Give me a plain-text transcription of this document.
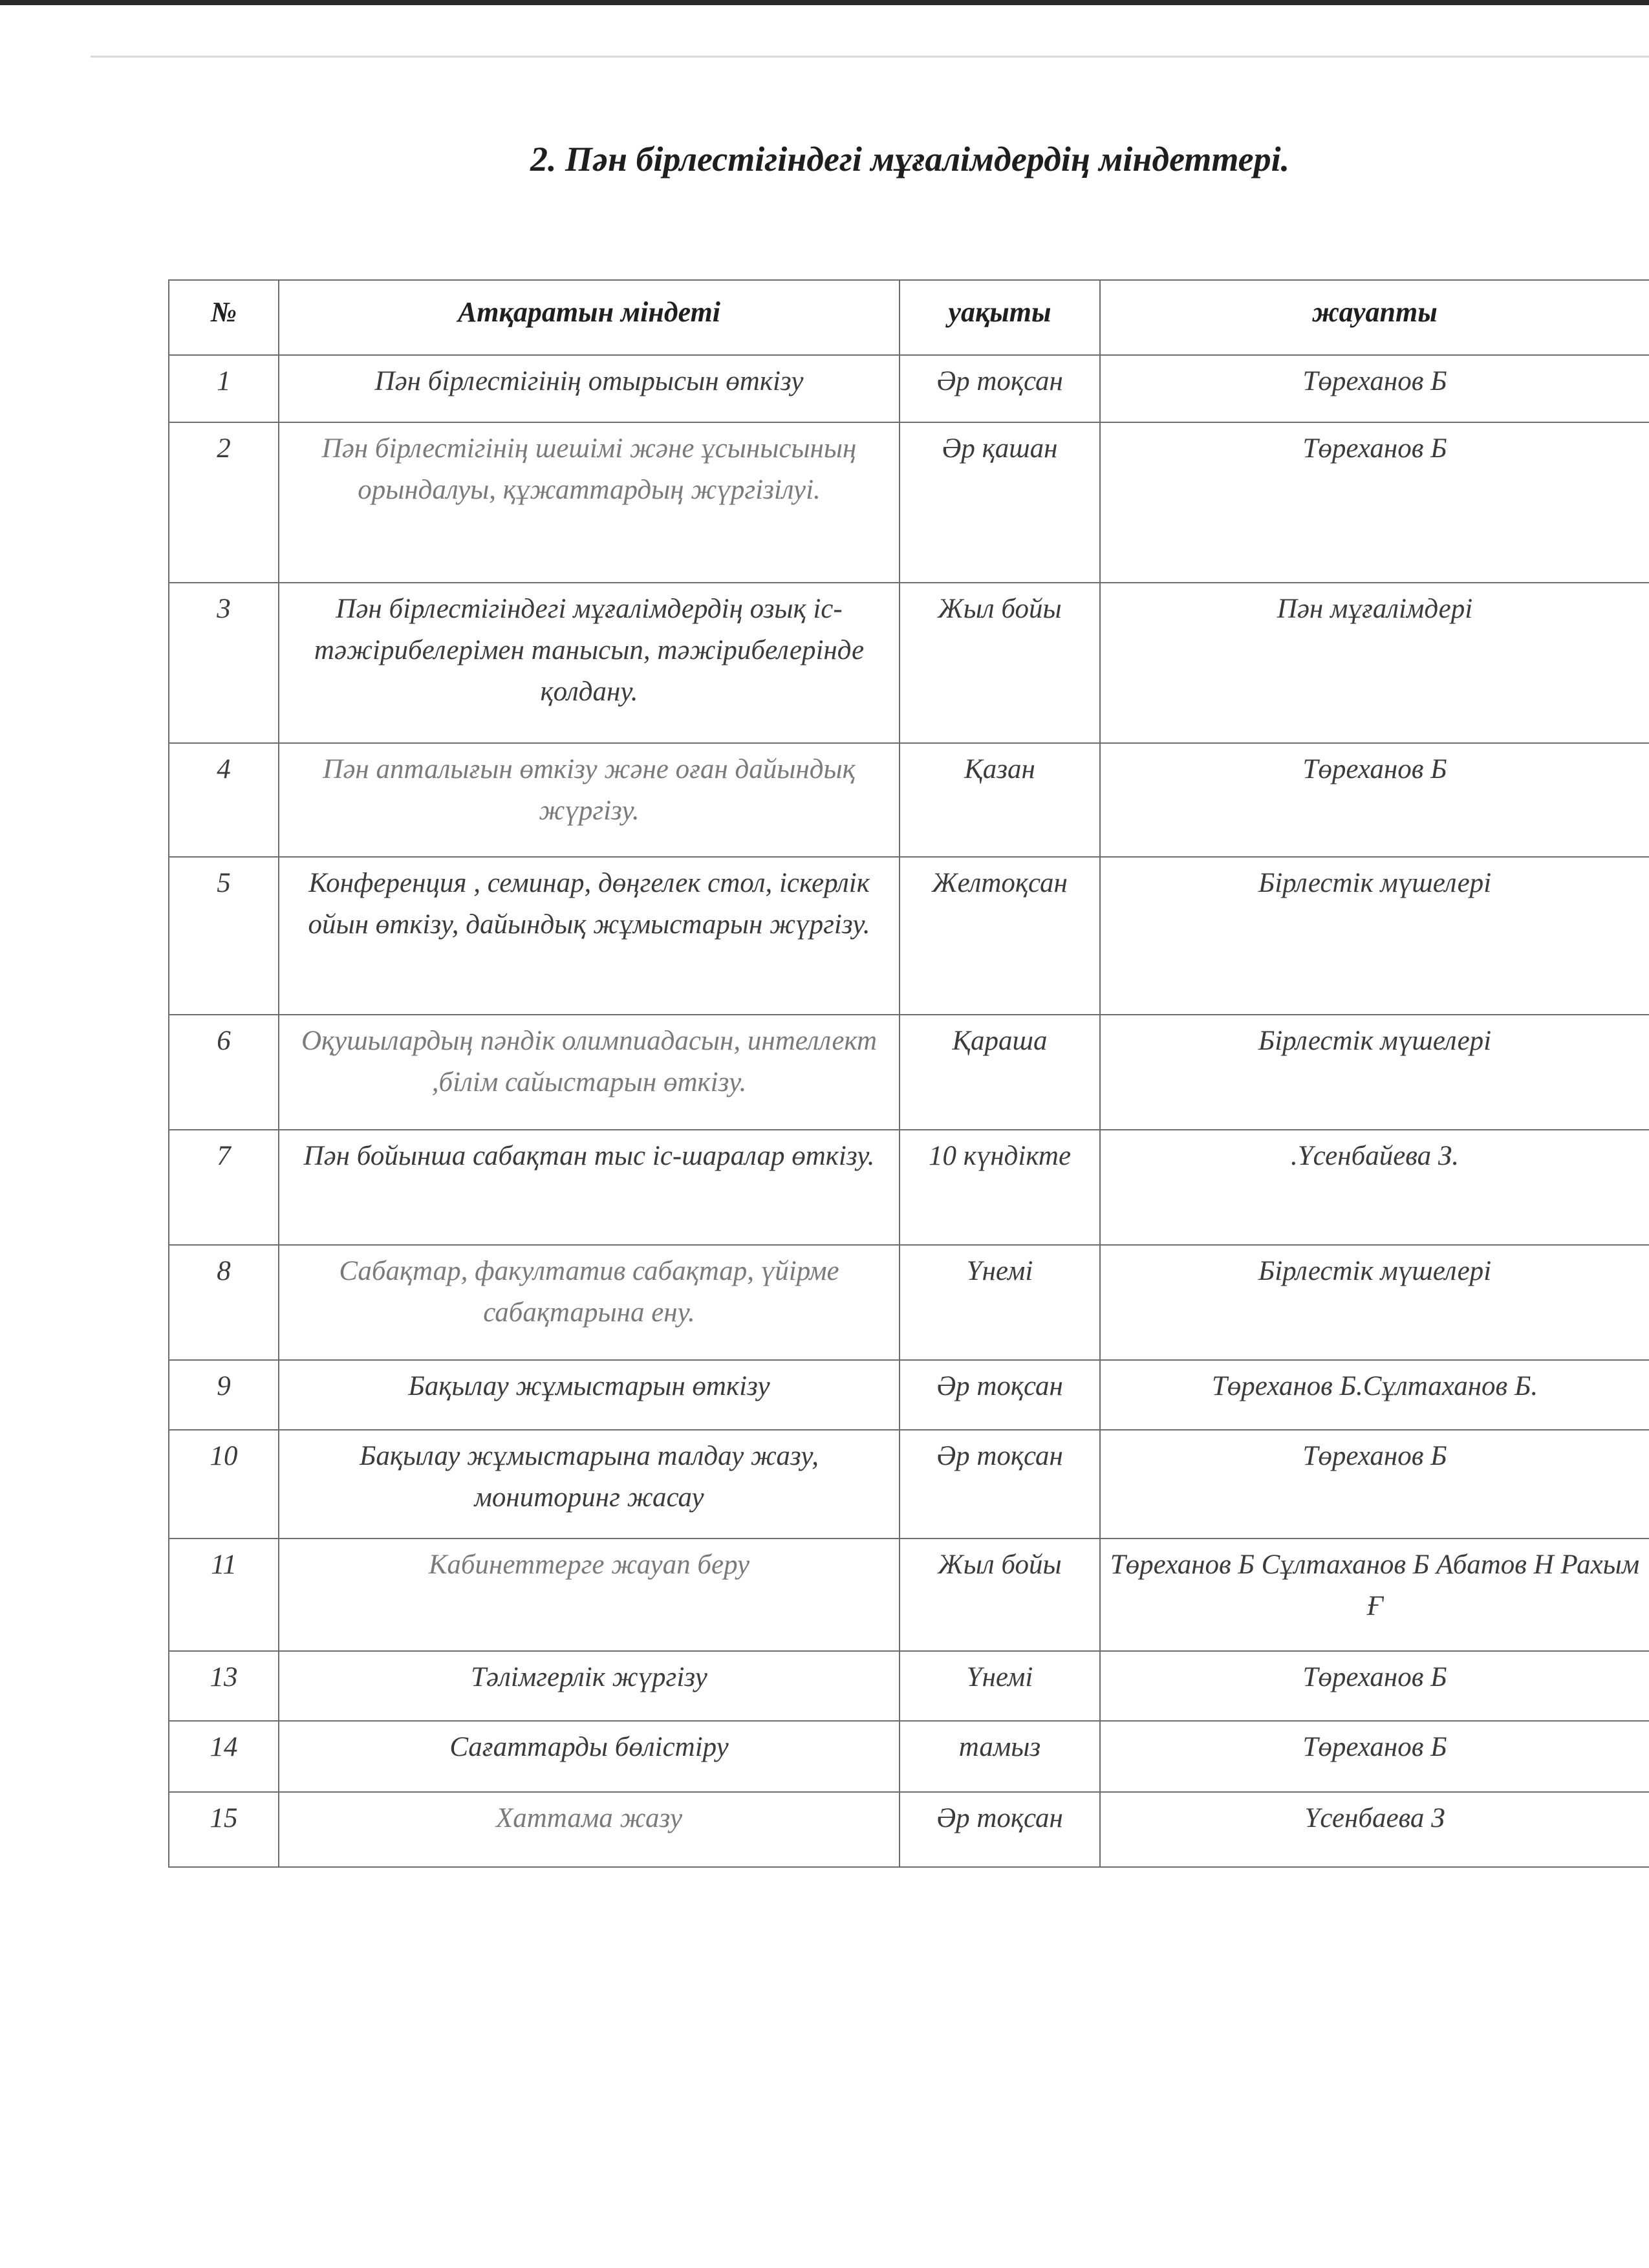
2. Пән бірлестігіндегі мұғалімдердің міндеттері.
№	Атқаратын міндеті	уақыты	жауапты
1	Пән бірлестігінің отырысын өткізу	Әр тоқсан	Төреханов Б
2	Пән бірлестігінің шешімі және ұсынысының орындалуы, құжаттардың жүргізілуі.	Әр қашан	Төреханов Б
3	Пән бірлестігіндегі мұғалімдердің озық іс-тәжірибелерімен танысып, тәжірибелерінде қолдану.	Жыл бойы	Пән мұғалімдері
4	Пән апталығын өткізу және оған дайындық жүргізу.	Қазан	Төреханов Б
5	Конференция , семинар, дөңгелек стол, іскерлік ойын өткізу, дайындық жұмыстарын жүргізу.	Желтоқсан	Бірлестік мүшелері
6	Оқушылардың пәндік олимпиадасын, интеллект ,білім сайыстарын өткізу.	Қараша	Бірлестік мүшелері
7	Пән бойынша сабақтан тыс іс-шаралар өткізу.	10 күндікте	.Үсенбайева З.
8	Сабақтар, факултатив сабақтар, үйірме сабақтарына ену.	Үнемі	Бірлестік мүшелері
9	Бақылау жұмыстарын өткізу	Әр тоқсан	Төреханов Б.Сұлтаханов Б.
10	Бақылау жұмыстарына талдау жазу, мониторинг жасау	Әр тоқсан	Төреханов Б
11	Кабинеттерге жауап беру	Жыл бойы	Төреханов Б Сұлтаханов Б Абатов Н Рахым Ғ
13	Тәлімгерлік жүргізу	Үнемі	Төреханов Б
14	Сағаттарды бөлістіру	тамыз	Төреханов Б
15	Хаттама жазу	Әр тоқсан	Үсенбаева З
